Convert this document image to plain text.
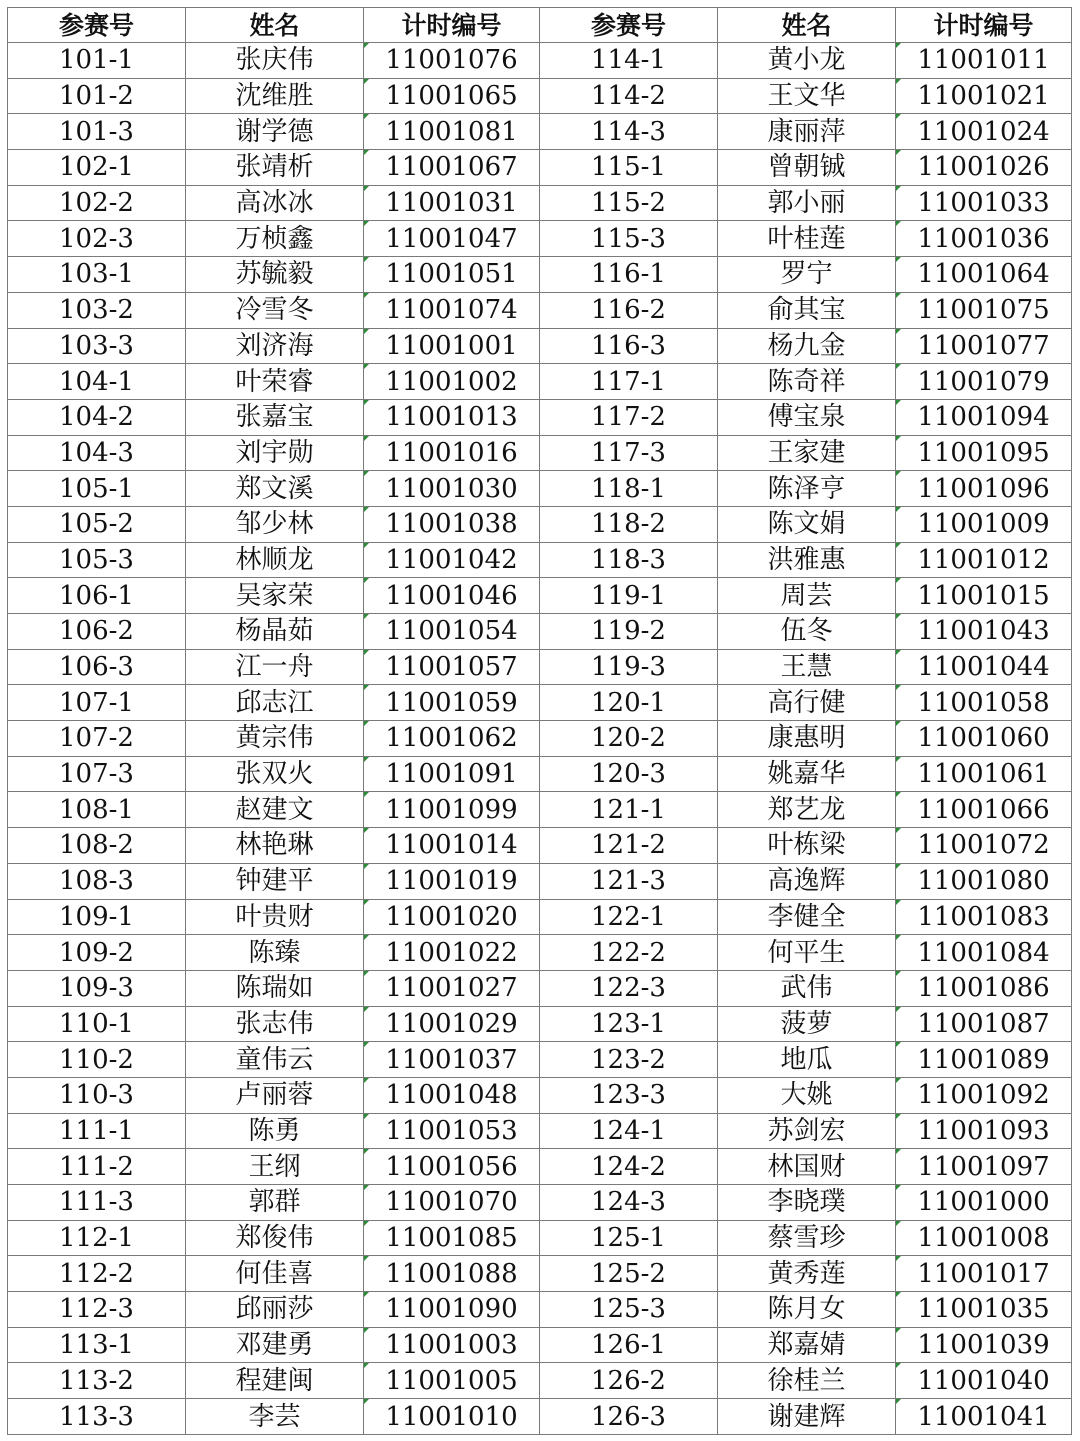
参赛号	姓名	计时编号	参赛号	姓名	计时编号
101-1	张庆伟	11001076	114-1	黄小龙	11001011

101-2	沈维胜	11001065	114-2	王文华	11001021

101-3	谢学德	11001081	114-3	康丽萍	11001024

102-1	张靖析	11001067	115-1	曾朝铖	11001026

102-2	高冰冰	11001031	115-2	郭小丽	11001033

102-3	万桢鑫	11001047	115-3	叶桂莲	11001036

103-1	苏毓毅	11001051	116-1	罗宁	11001064

103-2	冷雪冬	11001074	116-2	俞其宝	11001075

103-3	刘济海	11001001	116-3	杨九金	11001077

104-1	叶荣睿	11001002	117-1	陈奇祥	11001079

104-2	张嘉宝	11001013	117-2	傅宝泉	11001094

104-3	刘宇勋	11001016	117-3	王家建	11001095

105-1	郑文溪	11001030	118-1	陈泽亨	11001096

105-2	邹少林	11001038	118-2	陈文娟	11001009

105-3	林顺龙	11001042	118-3	洪雅惠	11001012

106-1	吴家荣	11001046	119-1	周芸	11001015

106-2	杨晶茹	11001054	119-2	伍冬	11001043

106-3	江一舟	11001057	119-3	王慧	11001044

107-1	邱志江	11001059	120-1	高行健	11001058

107-2	黄宗伟	11001062	120-2	康惠明	11001060

107-3	张双火	11001091	120-3	姚嘉华	11001061

108-1	赵建文	11001099	121-1	郑艺龙	11001066

108-2	林艳琳	11001014	121-2	叶栋梁	11001072

108-3	钟建平	11001019	121-3	高逸辉	11001080

109-1	叶贵财	11001020	122-1	李健全	11001083

109-2	陈臻	11001022	122-2	何平生	11001084

109-3	陈瑞如	11001027	122-3	武伟	11001086

110-1	张志伟	11001029	123-1	菠萝	11001087

110-2	童伟云	11001037	123-2	地瓜	11001089

110-3	卢丽蓉	11001048	123-3	大姚	11001092

111-1	陈勇	11001053	124-1	苏剑宏	11001093

111-2	王纲	11001056	124-2	林国财	11001097

111-3	郭群	11001070	124-3	李晓璞	11001000

112-1	郑俊伟	11001085	125-1	蔡雪珍	11001008

112-2	何佳喜	11001088	125-2	黄秀莲	11001017

112-3	邱丽莎	11001090	125-3	陈月女	11001035

113-1	邓建勇	11001003	126-1	郑嘉婧	11001039

113-2	程建闽	11001005	126-2	徐桂兰	11001040

113-3	李芸	11001010	126-3	谢建辉	11001041
